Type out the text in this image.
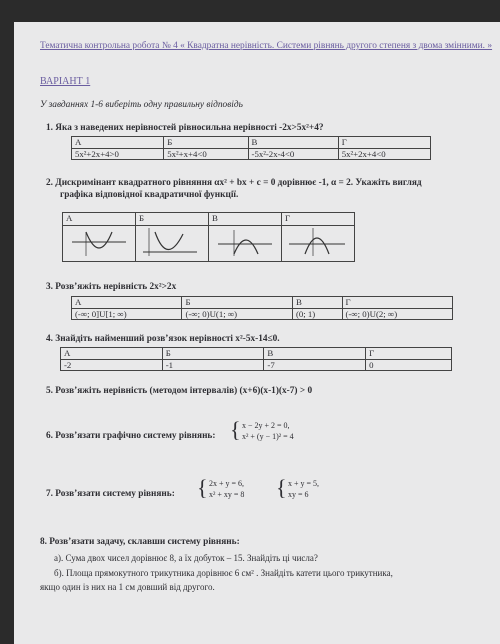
Тематична контрольна робота № 4 « Квадратна нерівність. Системи рівнянь другого степеня з двома змінними. »
ВАРІАНТ 1
У завданнях 1-6 виберіть одну правильну відповідь
1. Яка з наведених нерівностей рівносильна нерівності -2x>5x²+4?
А	Б	В	Г
5x²+2x+4>0	5x²+x+4<0	-5x²-2x-4<0	5x²+2x+4<0
2. Дискримінант квадратного рівняння αx² + bx + c = 0 дорівнює -1, α = 2. Укажіть вигляд
графіка відповідної квадратичної функції.
А	Б	В	Г

3. Розв’яжіть нерівність 2x²>2x
А	Б	В	Г
(-∞; 0]U[1; ∞)	(-∞; 0)U(1; ∞)	(0; 1)	(-∞; 0)U(2; ∞)
4. Знайдіть найменший розв’язок нерівності x²-5x-14≤0.
А	Б	В	Г
-2	-1	-7	0
5. Розв’яжіть нерівність (методом інтервалів) (x+6)(x-1)(x-7) > 0
6. Розв’язати графічно систему рівнянь: { x − 2y + 2 = 0,
x² + (y − 1)² = 4
7. Розв’язати систему рівнянь: { 2x + y = 6,
x² + xy = 8 { x + y = 5,
xy = 6
8. Розв’язати задачу, склавши систему рівнянь:
а). Сума двох чисел дорівнює 8, а їх добуток – 15. Знайдіть ці числа?
б). Площа прямокутного трикутника дорівнює 6 см² . Знайдіть катети цього трикутника,
якщо один із них на 1 см довший від другого.
